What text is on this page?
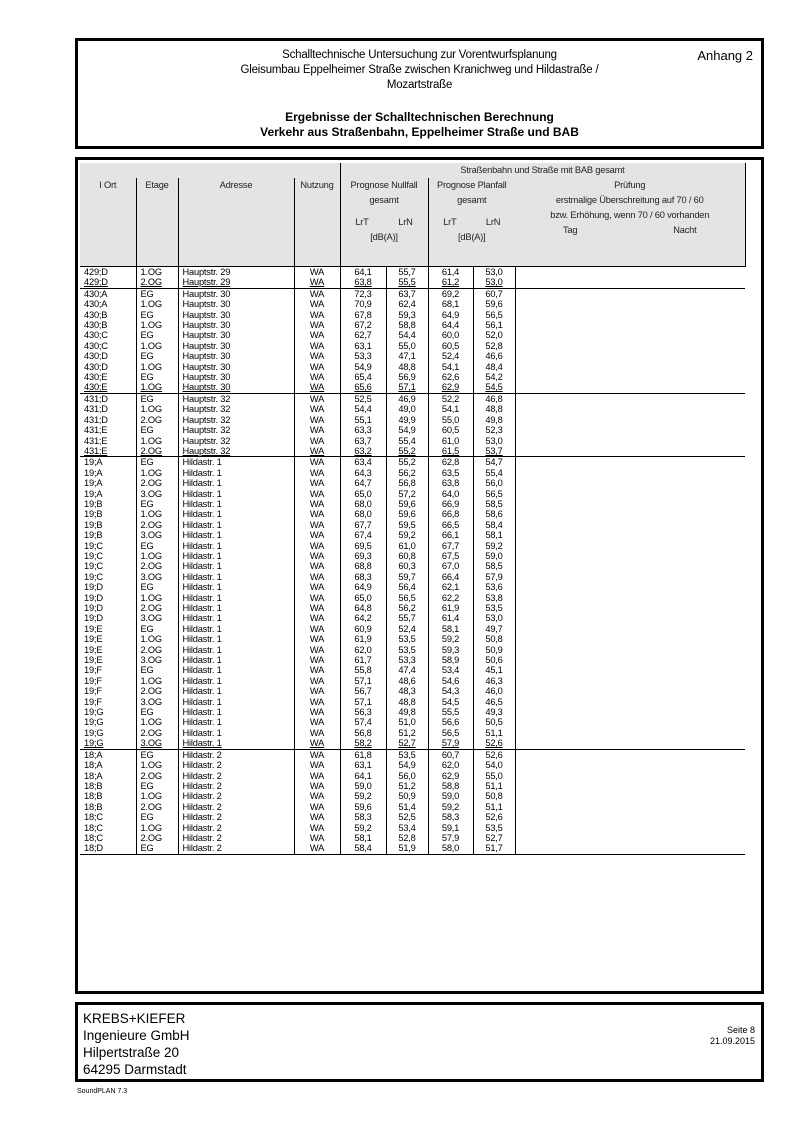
Schalltechnische Untersuchung zur Vorentwurfsplanung
Gleisumbau Eppelheimer Straße zwischen Kranichweg und Hildastraße /
Mozartstraße
Anhang 2
Ergebnisse der Schalltechnischen Berechnung
Verkehr aus Straßenbahn, Eppelheimer Straße und BAB
				Straßenbahn und Straße mit BAB gesamt				
I Ort	Etage	Adresse	Nutzung	Prognose Nullfall
gesamt
LrT	LrN
[dB(A)]

Prognose Planfall
gesamt
LrT	LrN
[dB(A)]

Prüfung
erstmalige Überschreitung auf 70 / 60
bzw. Erhöhung, wenn 70 / 60 vorhanden
Tag	Nacht

429;D	1.OG	Hauptstr. 29	WA	64,1	55,7	61,4	53,0	
429;D	2.OG	Hauptstr. 29	WA	63,8	55,5	61,2	53,0	
430;A	EG	Hauptstr. 30	WA	72,3	63,7	69,2	60,7	
430;A	1.OG	Hauptstr. 30	WA	70,9	62,4	68,1	59,6	
430;B	EG	Hauptstr. 30	WA	67,8	59,3	64,9	56,5	
430;B	1.OG	Hauptstr. 30	WA	67,2	58,8	64,4	56,1	
430;C	EG	Hauptstr. 30	WA	62,7	54,4	60,0	52,0	
430;C	1.OG	Hauptstr. 30	WA	63,1	55,0	60,5	52,8	
430;D	EG	Hauptstr. 30	WA	53,3	47,1	52,4	46,6	
430;D	1.OG	Hauptstr. 30	WA	54,9	48,8	54,1	48,4	
430;E	EG	Hauptstr. 30	WA	65,4	56,9	62,6	54,2	
430;E	1.OG	Hauptstr. 30	WA	65,6	57,1	62,9	54,5	
431;D	EG	Hauptstr. 32	WA	52,5	46,9	52,2	46,8	
431;D	1.OG	Hauptstr. 32	WA	54,4	49,0	54,1	48,8	
431;D	2.OG	Hauptstr. 32	WA	55,1	49,9	55,0	49,8	
431;E	EG	Hauptstr. 32	WA	63,3	54,9	60,5	52,3	
431;E	1.OG	Hauptstr. 32	WA	63,7	55,4	61,0	53,0	
431;E	2.OG	Hauptstr. 32	WA	63,2	55,2	61,5	53,7	
19;A	EG	Hildastr. 1	WA	63,4	55,2	62,8	54,7	
19;A	1.OG	Hildastr. 1	WA	64,3	56,2	63,5	55,4	
19;A	2.OG	Hildastr. 1	WA	64,7	56,8	63,8	56,0	
19;A	3.OG	Hildastr. 1	WA	65,0	57,2	64,0	56,5	
19;B	EG	Hildastr. 1	WA	68,0	59,6	66,9	58,5	
19;B	1.OG	Hildastr. 1	WA	68,0	59,6	66,8	58,6	
19;B	2.OG	Hildastr. 1	WA	67,7	59,5	66,5	58,4	
19;B	3.OG	Hildastr. 1	WA	67,4	59,2	66,1	58,1	
19;C	EG	Hildastr. 1	WA	69,5	61,0	67,7	59,2	
19;C	1.OG	Hildastr. 1	WA	69,3	60,8	67,5	59,0	
19;C	2.OG	Hildastr. 1	WA	68,8	60,3	67,0	58,5	
19;C	3.OG	Hildastr. 1	WA	68,3	59,7	66,4	57,9	
19;D	EG	Hildastr. 1	WA	64,9	56,4	62,1	53,6	
19;D	1.OG	Hildastr. 1	WA	65,0	56,5	62,2	53,8	
19;D	2.OG	Hildastr. 1	WA	64,8	56,2	61,9	53,5	
19;D	3.OG	Hildastr. 1	WA	64,2	55,7	61,4	53,0	
19;E	EG	Hildastr. 1	WA	60,9	52,4	58,1	49,7	
19;E	1.OG	Hildastr. 1	WA	61,9	53,5	59,2	50,8	
19;E	2.OG	Hildastr. 1	WA	62,0	53,5	59,3	50,9	
19;E	3.OG	Hildastr. 1	WA	61,7	53,3	58,9	50,6	
19;F	EG	Hildastr. 1	WA	55,8	47,4	53,4	45,1	
19;F	1.OG	Hildastr. 1	WA	57,1	48,6	54,6	46,3	
19;F	2.OG	Hildastr. 1	WA	56,7	48,3	54,3	46,0	
19;F	3.OG	Hildastr. 1	WA	57,1	48,8	54,5	46,5	
19;G	EG	Hildastr. 1	WA	56,3	49,8	55,5	49,3	
19;G	1.OG	Hildastr. 1	WA	57,4	51,0	56,6	50,5	
19;G	2.OG	Hildastr. 1	WA	56,8	51,2	56,5	51,1	
19;G	3.OG	Hildastr. 1	WA	58,2	52,7	57,9	52,6	
18;A	EG	Hildastr. 2	WA	61,8	53,5	60,7	52,6	
18;A	1.OG	Hildastr. 2	WA	63,1	54,9	62,0	54,0	
18;A	2.OG	Hildastr. 2	WA	64,1	56,0	62,9	55,0	
18;B	EG	Hildastr. 2	WA	59,0	51,2	58,8	51,1	
18;B	1.OG	Hildastr. 2	WA	59,2	50,9	59,0	50,8	
18;B	2.OG	Hildastr. 2	WA	59,6	51,4	59,2	51,1	
18;C	EG	Hildastr. 2	WA	58,3	52,5	58,3	52,6	
18;C	1.OG	Hildastr. 2	WA	59,2	53,4	59,1	53,5	
18;C	2.OG	Hildastr. 2	WA	58,1	52,8	57,9	52,7	
18;D	EG	Hildastr. 2	WA	58,4	51,9	58,0	51,7	

KREBS+KIEFER
Ingenieure GmbH
Hilpertstraße 20
64295 Darmstadt
Seite 8
21.09.2015
SoundPLAN 7.3
